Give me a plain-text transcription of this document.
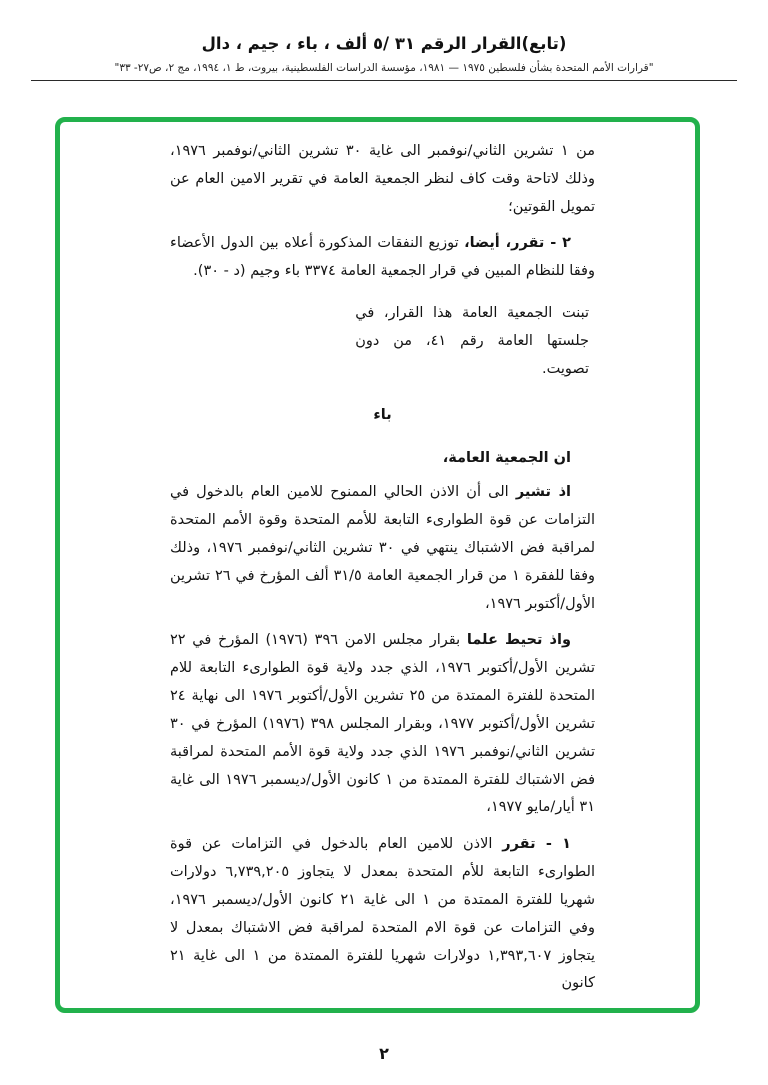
(تابع)القرار الرقم ٣١ /٥ ألف ، باء ، جيم ، دال
"قرارات الأمم المتحدة بشأن فلسطين ١٩٧٥ — ١٩٨١، مؤسسة الدراسات الفلسطينية، بيروت، ط ١، ١٩٩٤، مج ٢، ص٢٧- ٣٣"

من ١ تشرين الثاني/نوفمبر الى غاية ٣٠ تشرين الثاني/نوفمبر ١٩٧٦، وذلك لاتاحة وقت كاف لنظر الجمعية العامة في تقرير الامين العام عن تمويل القوتين؛

٢ - تقرر، أيضا، توزيع النفقات المذكورة أعلاه بين الدول الأعضاء وفقا للنظام المبين في قرار الجمعية العامة ٣٣٧٤ باء وجيم (د - ٣٠).

تبنت الجمعية العامة هذا القرار، في جلستها العامة رقم ٤١، من دون تصويت.

باء

ان الجمعية العامة،

اذ تشير الى أن الاذن الحالي الممنوح للامين العام بالدخول في التزامات عن قوة الطوارىء التابعة للأمم المتحدة وقوة الأمم المتحدة لمراقبة فض الاشتباك ينتهي في ٣٠ تشرين الثاني/نوفمبر ١٩٧٦، وذلك وفقا للفقرة ١ من قرار الجمعية العامة ٣١/٥ ألف المؤرخ في ٢٦ تشرين الأول/أكتوبر ١٩٧٦،

واذ تحيط علما بقرار مجلس الامن ٣٩٦ (١٩٧٦) المؤرخ في ٢٢ تشرين الأول/أكتوبر ١٩٧٦، الذي جدد ولاية قوة الطوارىء التابعة للام المتحدة للفترة الممتدة من ٢٥ تشرين الأول/أكتوبر ١٩٧٦ الى نهاية ٢٤ تشرين الأول/أكتوبر ١٩٧٧، وبقرار المجلس ٣٩٨ (١٩٧٦) المؤرخ في ٣٠ تشرين الثاني/نوفمبر ١٩٧٦ الذي جدد ولاية قوة الأمم المتحدة لمراقبة فض الاشتباك للفترة الممتدة من ١ كانون الأول/ديسمبر ١٩٧٦ الى غاية ٣١ أيار/مايو ١٩٧٧،

١ - تقرر الاذن للامين العام بالدخول في التزامات عن قوة الطوارىء التابعة للأم المتحدة بمعدل لا يتجاوز ٦,٧٣٩,٢٠٥ دولارات شهريا للفترة الممتدة من ١ الى غاية ٢١ كانون الأول/ديسمبر ١٩٧٦، وفي التزامات عن قوة الام المتحدة لمراقبة فض الاشتباك بمعدل لا يتجاوز ١,٣٩٣,٦٠٧ دولارات شهريا للفترة الممتدة من ١ الى غاية ٢١ كانون

٢
